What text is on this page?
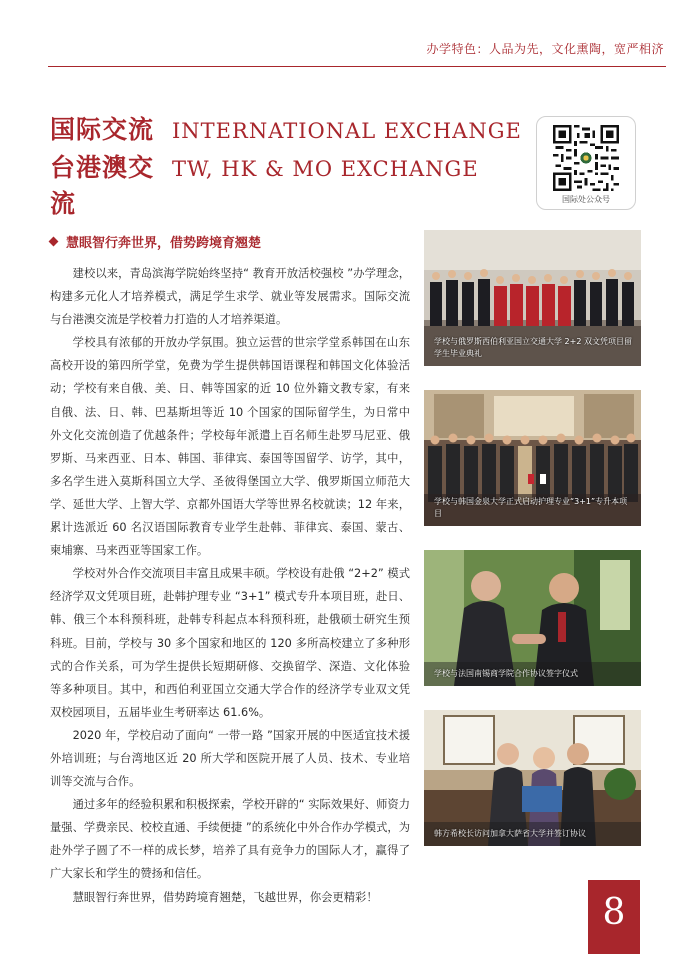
办学特色：人品为先，文化熏陶，宽严相济
国际交流 INTERNATIONAL EXCHANGE
台港澳交流
TW, HK & MO EXCHANGE
国际处公众号
慧眼智行奔世界，借势跨境育翘楚

建校以来，青岛滨海学院始终坚持“ 教育开放活校强校 ”办学理念，构建多元化人才培养模式，满足学生求学、就业等发展需求。国际交流与台港澳交流是学校着力打造的人才培养渠道。

学校具有浓郁的开放办学氛围。独立运营的世宗学堂系韩国在山东高校开设的第四所学堂，免费为学生提供韩国语课程和韩国文化体验活动；学校有来自俄、美、日、韩等国家的近 10 位外籍文教专家，有来自俄、法、日、韩、巴基斯坦等近 10 个国家的国际留学生，为日常中外文化交流创造了优越条件；学校每年派遣上百名师生赴罗马尼亚、俄罗斯、马来西亚、日本、韩国、菲律宾、泰国等国留学、访学，其中，多名学生进入莫斯科国立大学、圣彼得堡国立大学、俄罗斯国立师范大学、延世大学、上智大学、京都外国语大学等世界名校就读；12 年来，累计选派近 60 名汉语国际教育专业学生赴韩、菲律宾、泰国、蒙古、柬埔寨、马来西亚等国家工作。

学校对外合作交流项目丰富且成果丰硕。学校设有赴俄 “2+2” 模式经济学双文凭项目班，赴韩护理专业 “3+1” 模式专升本项目班，赴日、韩、俄三个本科预科班，赴韩专科起点本科预科班，赴俄硕士研究生预科班。目前，学校与 30 多个国家和地区的 120 多所高校建立了多种形式的合作关系，可为学生提供长短期研修、交换留学、深造、文化体验等多种项目。其中，和西伯利亚国立交通大学合作的经济学专业双文凭双校园项目，五届毕业生考研率达 61.6%。

2020 年，学校启动了面向“ 一带一路 ”国家开展的中医适宜技术援外培训班；与台湾地区近 20 所大学和医院开展了人员、技术、专业培训等交流与合作。

通过多年的经验积累和积极探索，学校开辟的“ 实际效果好、师资力量强、学费亲民、校校直通、手续便捷 ”的系统化中外合作办学模式，为赴外学子圆了不一样的成长梦，培养了具有竞争力的国际人才，赢得了广大家长和学生的赞扬和信任。

慧眼智行奔世界，借势跨境育翘楚，飞越世界，你会更精彩！

学校与俄罗斯西伯利亚国立交通大学 2+2 双文凭项目留学生毕业典礼
学校与韩国金泉大学正式启动护理专业“3+1”专升本项目
学校与法国南锡商学院合作协议签字仪式
韩方希校长访问加拿大萨省大学并签订协议
8
